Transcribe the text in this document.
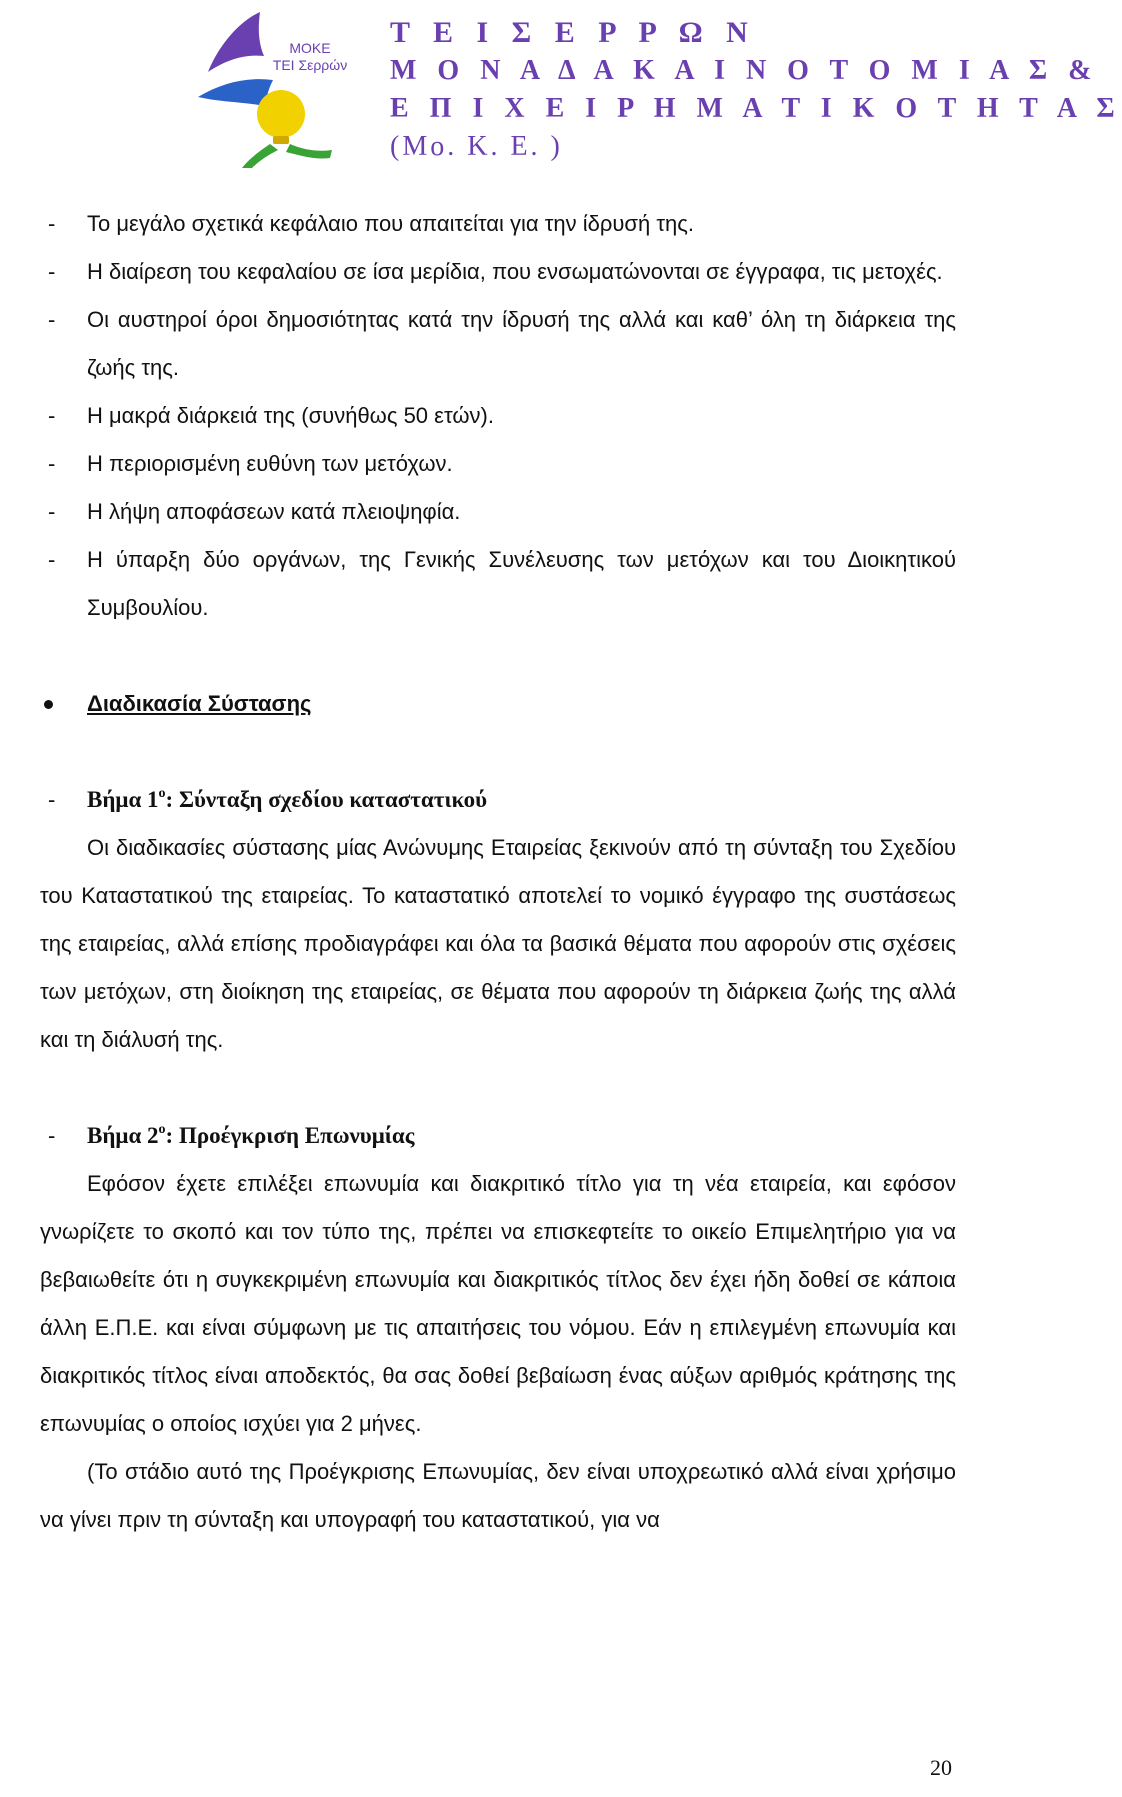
ΜΟΚΕ
ΤΕΙ Σερρών
Τ Ε Ι Σ Ε Ρ Ρ Ω Ν
Μ Ο Ν Α Δ Α Κ Α Ι Ν Ο Τ Ο Μ Ι Α Σ &
Ε Π Ι Χ Ε Ι Ρ Η Μ Α Τ Ι Κ Ο Τ Η Τ Α Σ
(Μο. Κ. Ε. )
- Το μεγάλο σχετικά κεφάλαιο που απαιτείται για την ίδρυσή της.
- Η διαίρεση του κεφαλαίου σε ίσα μερίδια, που ενσωματώνονται σε έγγραφα, τις μετοχές.
- Οι αυστηροί όροι δημοσιότητας κατά την ίδρυσή της αλλά και καθ’ όλη τη διάρκεια της ζωής της.
- Η μακρά διάρκειά της (συνήθως 50 ετών).
- Η περιορισμένη ευθύνη των μετόχων.
- Η λήψη αποφάσεων κατά πλειοψηφία.
- Η ύπαρξη δύο οργάνων, της Γενικής Συνέλευσης των μετόχων και του Διοικητικού Συμβουλίου.
Διαδικασία Σύστασης
- Βήμα $1^o$: Σύνταξη σχεδίου καταστατικού
Οι διαδικασίες σύστασης μίας Ανώνυμης Εταιρείας ξεκινούν από τη σύνταξη του Σχεδίου του Καταστατικού της εταιρείας. Το καταστατικό αποτελεί το νομικό έγγραφο της συστάσεως της εταιρείας, αλλά επίσης προδιαγράφει και όλα τα βασικά θέματα που αφορούν στις σχέσεις των μετόχων, στη διοίκηση της εταιρείας, σε θέματα που αφορούν τη διάρκεια ζωής της αλλά και τη διάλυσή της.
- Βήμα $2^o$: Προέγκριση Επωνυμίας
Εφόσον έχετε επιλέξει επωνυμία και διακριτικό τίτλο για τη νέα εταιρεία, και εφόσον γνωρίζετε το σκοπό και τον τύπο της, πρέπει να επισκεφτείτε το οικείο Επιμελητήριο για να βεβαιωθείτε ότι η συγκεκριμένη επωνυμία και διακριτικός τίτλος δεν έχει ήδη δοθεί σε κάποια άλλη Ε.Π.Ε. και είναι σύμφωνη με τις απαιτήσεις του νόμου. Εάν η επιλεγμένη επωνυμία και διακριτικός τίτλος είναι αποδεκτός, θα σας δοθεί βεβαίωση ένας αύξων αριθμός κράτησης της επωνυμίας ο οποίος ισχύει για 2 μήνες.
(Το στάδιο αυτό της Προέγκρισης Επωνυμίας, δεν είναι υποχρεωτικό αλλά είναι χρήσιμο να γίνει πριν τη σύνταξη και υπογραφή του καταστατικού, για να
20
